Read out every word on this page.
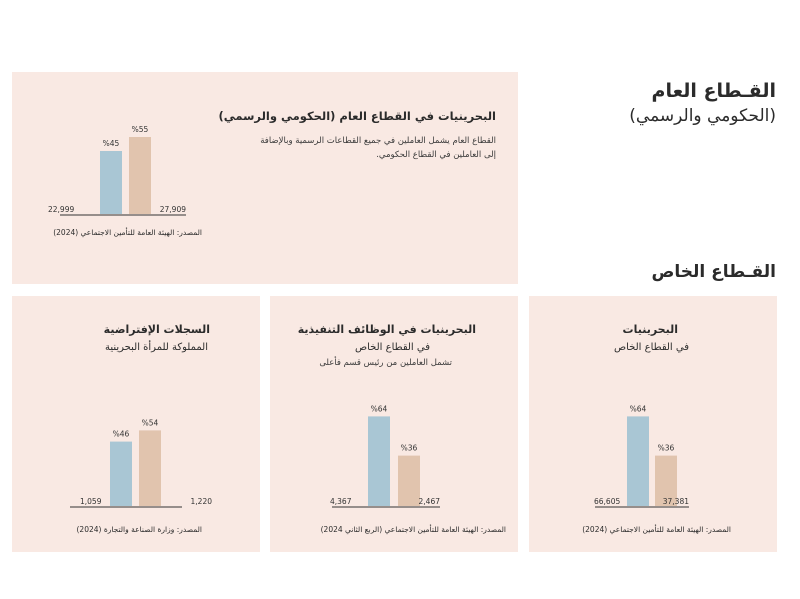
القـطاع العام
(الحكومي والرسمي)
البحرينيات في القطاع العام (الحكومي والرسمي)
القطاع العام يشمل العاملين في جميع القطاعات الرسمية وبالإضافة
إلى العاملين في القطاع الحكومي.
%45
%55
22,999	27,909
المصدر: الهيئة العامة للتأمين الاجتماعي (2024)
القـطاع الخاص
البحرينيات
في القطاع الخاص
%64
%36
66,605	37,381
المصدر: الهيئة العامة للتأمين الاجتماعي (2024)
البحرينيات في الوظائف التنفيذية
في القطاع الخاص
تشمل العاملين من رئيس قسم فأعلى
%64
%36
4,367	2,467
المصدر: الهيئة العامة للتأمين الاجتماعي (الربع الثاني 2024)
السجلات الإفتراضية
المملوكة للمرأة البحرينية
%46
%54
1,059	1,220
المصدر: وزارة الصناعة والتجارة (2024)
